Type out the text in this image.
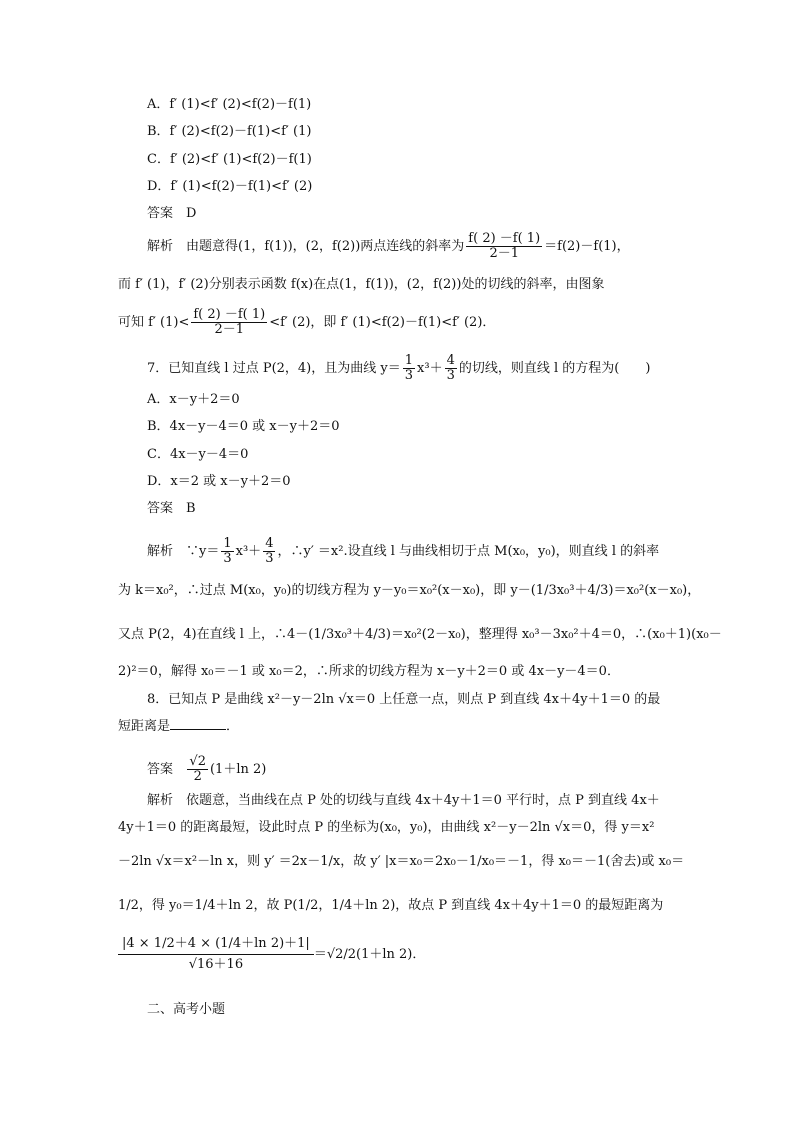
A．f′ (1)<f′ (2)<f(2)－f(1)
B．f′ (2)<f(2)－f(1)<f′ (1)
C．f′ (2)<f′ (1)<f(2)－f(1)
D．f′ (1)<f(2)－f(1)<f′ (2)
答案　D
解析　由题意得(1，f(1))，(2，f(2))两点连线的斜率为 $\frac{f( 2) -f( 1)}{2-1} =f(2)-f(1)$，
而 f′ (1)，f′ (2)分别表示函数 f(x)在点(1，f(1))，(2，f(2))处的切线的斜率，由图象
可知 f′ $(1)< \frac{f( 2) -f( 1)}{2-1} <f'$ (2)，即 f′ (1)<f(2)－f(1)<f′ (2)．
7．已知直线 l 过点 P(2，4)，且为曲线 $y= \frac{1}{3} x^3+ \frac{4}{3}$ 的切线，则直线 l 的方程为(　　)
A．x－y＋2＝0
B．4x－y－4＝0 或 x－y＋2＝0
C．4x－y－4＝0
D．x＝2 或 x－y＋2＝0
答案　B
解析　∵y＝ $\frac{1}{3} x^3+ \frac{4}{3}$ ，∴y′ ＝x².设直线 l 与曲线相切于点 M(x₀，y₀)，则直线 l 的斜率
为 k＝x₀²，∴过点 M(x₀，y₀)的切线方程为 y－y₀＝x₀²(x－x₀)，即 y－(1/3x₀³＋4/3)＝x₀²(x－x₀)，
又点 P(2，4)在直线 l 上，∴4－(1/3x₀³＋4/3)＝x₀²(2－x₀)，整理得 x₀³－3x₀²＋4＝0，∴(x₀＋1)(x₀－
2)²＝0，解得 x₀＝－1 或 x₀＝2，∴所求的切线方程为 x－y＋2＝0 或 4x－y－4＝0．
8．已知点 P 是曲线 x²－y－2ln √x＝0 上任意一点，则点 P 到直线 4x＋4y＋1＝0 的最
短距离是	．
答案 $\frac{√2}{2} (1+\ln$ 2)
解析　依题意，当曲线在点 P 处的切线与直线 4x＋4y＋1＝0 平行时，点 P 到直线 4x＋
4y＋1＝0 的距离最短，设此时点 P 的坐标为(x₀，y₀)，由曲线 x²－y－2ln √x＝0，得 y＝x²
－2ln √x＝x²－ln x，则 y′ ＝2x－1/x，故 y′ |x＝x₀＝2x₀－1/x₀＝－1，得 x₀＝－1(舍去)或 x₀＝
1/2，得 y₀＝1/4＋ln 2，故 P(1/2，1/4＋ln 2)，故点 P 到直线 4x＋4y＋1＝0 的最短距离为
$\frac{|4 \times 1/2+4 \times (1/4+\ln 2)+1|}{√16+16} =√2/2(1+\ln$ 2)．
二、高考小题
